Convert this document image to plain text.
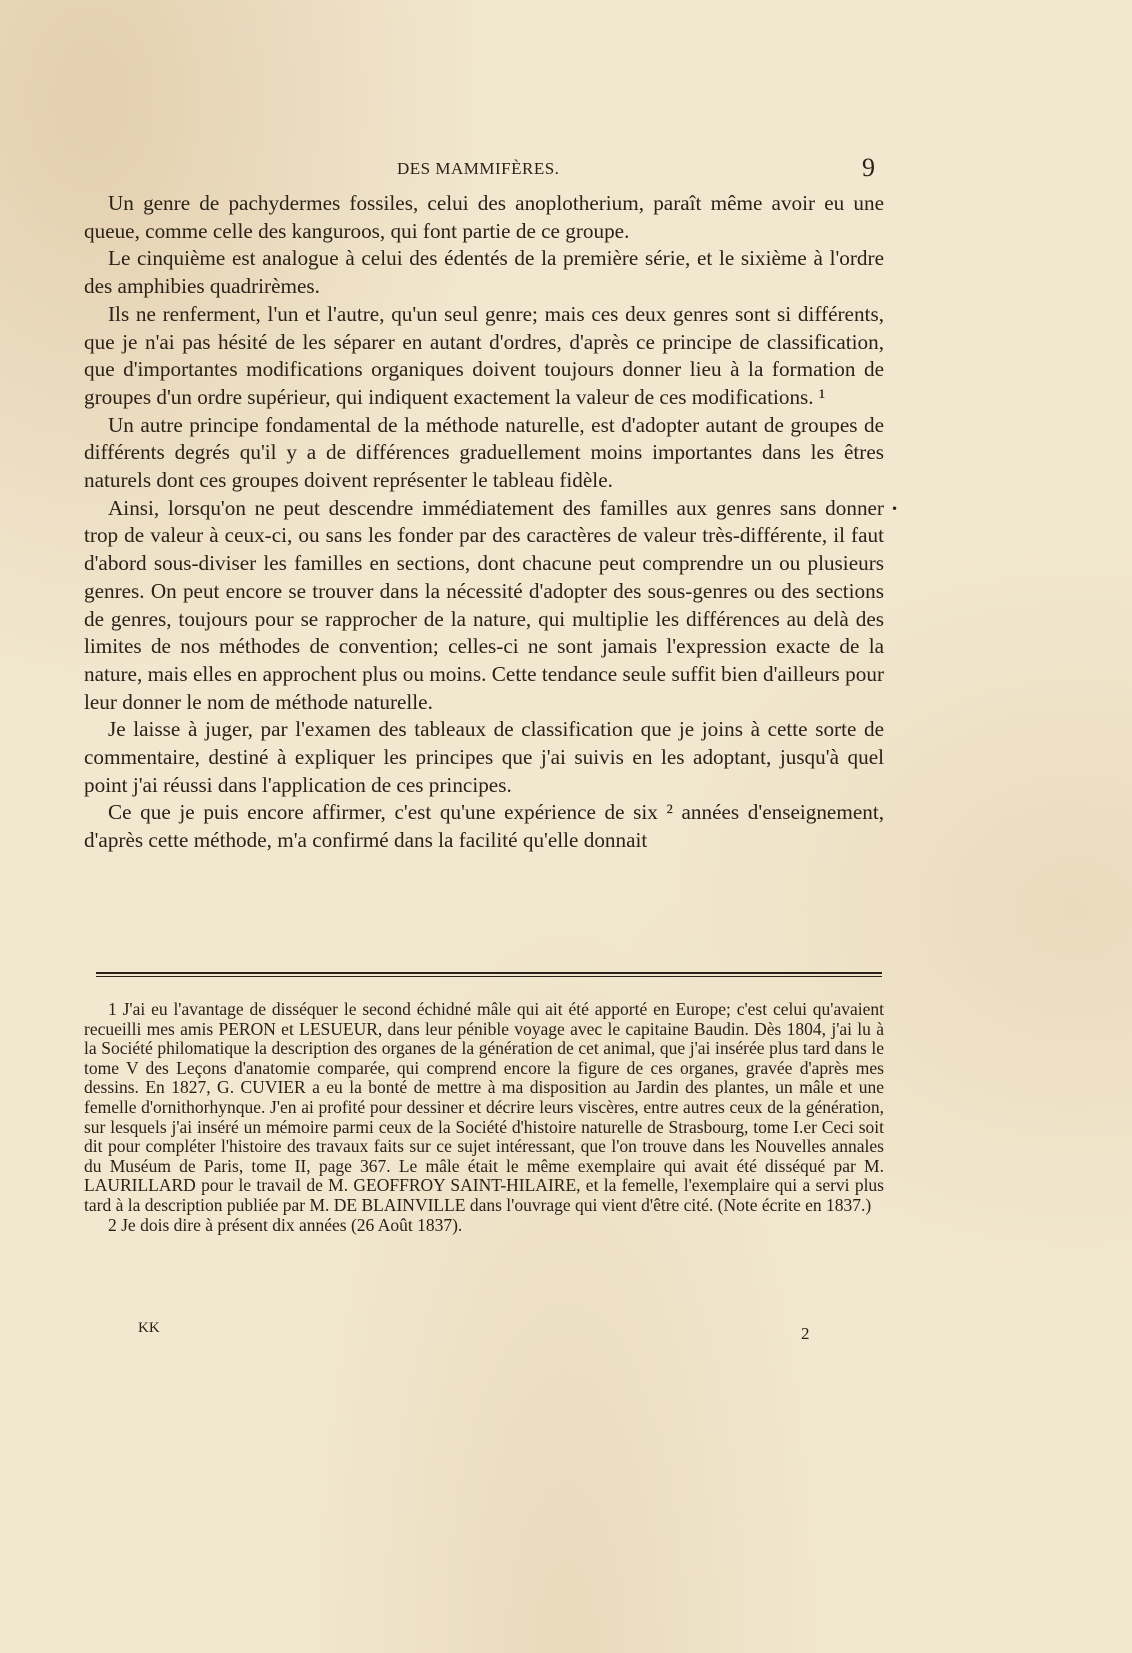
DES MAMMIFÈRES.	9

Un genre de pachydermes fossiles, celui des anoplotherium, paraît même avoir eu une queue, comme celle des kanguroos, qui font partie de ce groupe.

Le cinquième est analogue à celui des édentés de la première série, et le sixième à l'ordre des amphibies quadrirèmes.

Ils ne renferment, l'un et l'autre, qu'un seul genre; mais ces deux genres sont si différents, que je n'ai pas hésité de les séparer en autant d'ordres, d'après ce principe de classification, que d'importantes modifications organiques doivent toujours donner lieu à la formation de groupes d'un ordre supérieur, qui indiquent exactement la valeur de ces modifications. ¹

Un autre principe fondamental de la méthode naturelle, est d'adopter autant de groupes de différents degrés qu'il y a de différences graduellement moins importantes dans les êtres naturels dont ces groupes doivent représenter le tableau fidèle.

Ainsi, lorsqu'on ne peut descendre immédiatement des familles aux genres sans donner trop de valeur à ceux-ci, ou sans les fonder par des caractères de valeur très-différente, il faut d'abord sous-diviser les familles en sections, dont chacune peut comprendre un ou plusieurs genres. On peut encore se trouver dans la nécessité d'adopter des sous-genres ou des sections de genres, toujours pour se rapprocher de la nature, qui multiplie les différences au delà des limites de nos méthodes de convention; celles-ci ne sont jamais l'expression exacte de la nature, mais elles en approchent plus ou moins. Cette tendance seule suffit bien d'ailleurs pour leur donner le nom de méthode naturelle.

Je laisse à juger, par l'examen des tableaux de classification que je joins à cette sorte de commentaire, destiné à expliquer les principes que j'ai suivis en les adoptant, jusqu'à quel point j'ai réussi dans l'application de ces principes.

Ce que je puis encore affirmer, c'est qu'une expérience de six ² années d'enseignement, d'après cette méthode, m'a confirmé dans la facilité qu'elle donnait

•

1 J'ai eu l'avantage de disséquer le second échidné mâle qui ait été apporté en Europe; c'est celui qu'avaient recueilli mes amis PERON et LESUEUR, dans leur pénible voyage avec le capitaine Baudin. Dès 1804, j'ai lu à la Société philomatique la description des organes de la génération de cet animal, que j'ai insérée plus tard dans le tome V des Leçons d'anatomie comparée, qui comprend encore la figure de ces organes, gravée d'après mes dessins. En 1827, G. CUVIER a eu la bonté de mettre à ma disposition au Jardin des plantes, un mâle et une femelle d'ornithorhynque. J'en ai profité pour dessiner et décrire leurs viscères, entre autres ceux de la génération, sur lesquels j'ai inséré un mémoire parmi ceux de la Société d'histoire naturelle de Strasbourg, tome I.er Ceci soit dit pour compléter l'histoire des travaux faits sur ce sujet intéressant, que l'on trouve dans les Nouvelles annales du Muséum de Paris, tome II, page 367. Le mâle était le même exemplaire qui avait été disséqué par M. LAURILLARD pour le travail de M. GEOFFROY SAINT-HILAIRE, et la femelle, l'exemplaire qui a servi plus tard à la description publiée par M. DE BLAINVILLE dans l'ouvrage qui vient d'être cité. (Note écrite en 1837.)

2 Je dois dire à présent dix années (26 Août 1837).

KK	2
